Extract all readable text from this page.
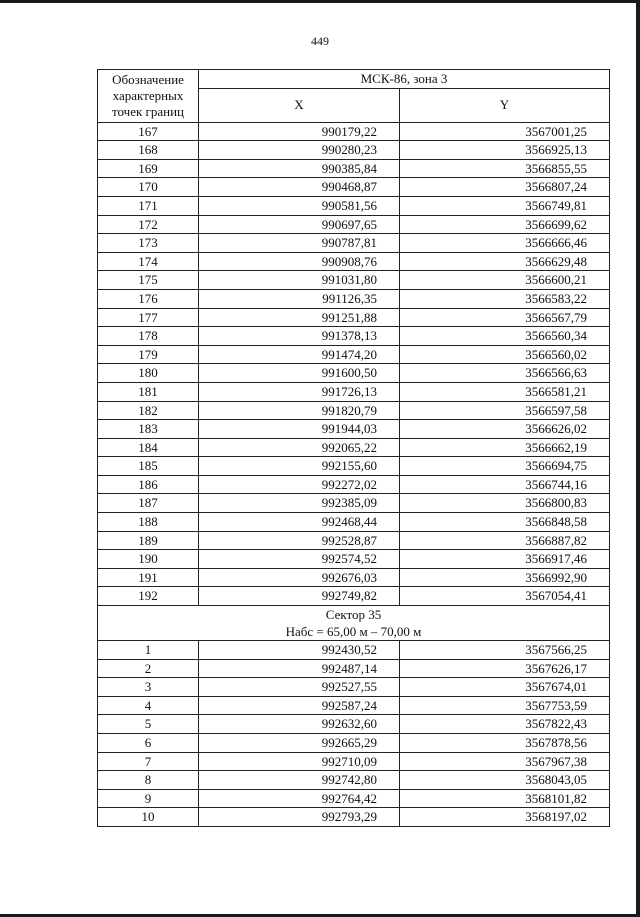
449
Обозначение характерных точек границ	МСК-86, зона 3	
	X	Y
167	990179,22	3567001,25
168	990280,23	3566925,13
169	990385,84	3566855,55
170	990468,87	3566807,24
171	990581,56	3566749,81
172	990697,65	3566699,62
173	990787,81	3566666,46
174	990908,76	3566629,48
175	991031,80	3566600,21
176	991126,35	3566583,22
177	991251,88	3566567,79
178	991378,13	3566560,34
179	991474,20	3566560,02
180	991600,50	3566566,63
181	991726,13	3566581,21
182	991820,79	3566597,58
183	991944,03	3566626,02
184	992065,22	3566662,19
185	992155,60	3566694,75
186	992272,02	3566744,16
187	992385,09	3566800,83
188	992468,44	3566848,58
189	992528,87	3566887,82
190	992574,52	3566917,46
191	992676,03	3566992,90
192	992749,82	3567054,41

Сектор 35
Набс = 65,00 м – 70,00 м		

1	992430,52	3567566,25
2	992487,14	3567626,17
3	992527,55	3567674,01
4	992587,24	3567753,59
5	992632,60	3567822,43
6	992665,29	3567878,56
7	992710,09	3567967,38
8	992742,80	3568043,05
9	992764,42	3568101,82
10	992793,29	3568197,02
